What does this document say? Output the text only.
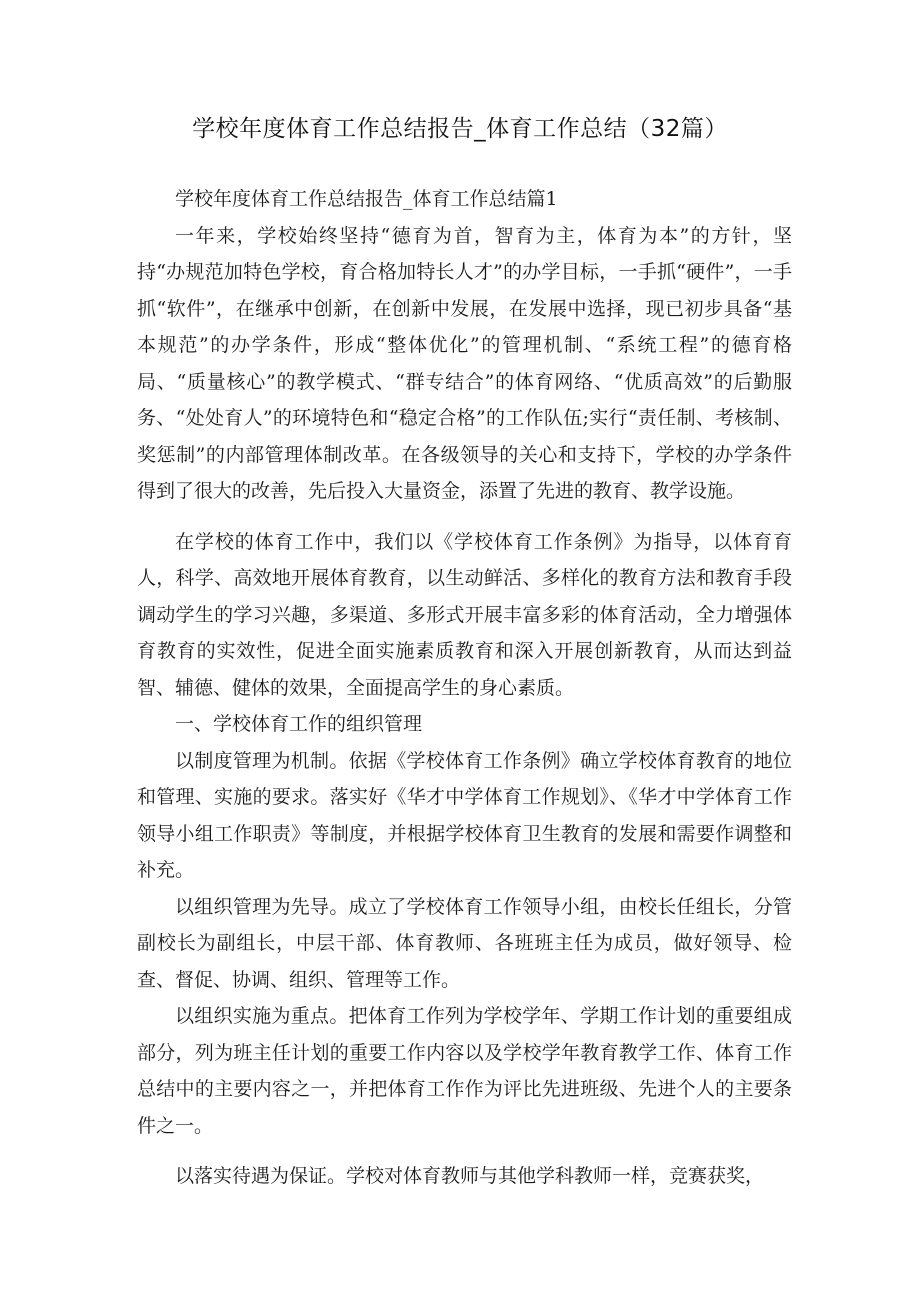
学校年度体育工作总结报告_体育工作总结（32篇）

学校年度体育工作总结报告_体育工作总结篇1

一年来，学校始终坚持“德育为首，智育为主，体育为本”的方针，坚持“办规范加特色学校，育合格加特长人才”的办学目标，一手抓“硬件”，一手抓“软件”，在继承中创新，在创新中发展，在发展中选择，现已初步具备“基本规范”的办学条件，形成“整体优化”的管理机制、“系统工程”的德育格局、“质量核心”的教学模式、“群专结合”的体育网络、“优质高效”的后勤服务、“处处育人”的环境特色和“稳定合格”的工作队伍;实行“责任制、考核制、奖惩制”的内部管理体制改革。在各级领导的关心和支持下，学校的办学条件得到了很大的改善，先后投入大量资金，添置了先进的教育、教学设施。

在学校的体育工作中，我们以《学校体育工作条例》为指导，以体育育人，科学、高效地开展体育教育，以生动鲜活、多样化的教育方法和教育手段调动学生的学习兴趣，多渠道、多形式开展丰富多彩的体育活动，全力增强体育教育的实效性，促进全面实施素质教育和深入开展创新教育，从而达到益智、辅德、健体的效果，全面提高学生的身心素质。

一、学校体育工作的组织管理

以制度管理为机制。依据《学校体育工作条例》确立学校体育教育的地位和管理、实施的要求。落实好《华才中学体育工作规划》、《华才中学体育工作领导小组工作职责》等制度，并根据学校体育卫生教育的发展和需要作调整和补充。

以组织管理为先导。成立了学校体育工作领导小组，由校长任组长，分管副校长为副组长，中层干部、体育教师、各班班主任为成员，做好领导、检查、督促、协调、组织、管理等工作。

以组织实施为重点。把体育工作列为学校学年、学期工作计划的重要组成部分，列为班主任计划的重要工作内容以及学校学年教育教学工作、体育工作总结中的主要内容之一，并把体育工作作为评比先进班级、先进个人的主要条件之一。

以落实待遇为保证。学校对体育教师与其他学科教师一样，竞赛获奖，
